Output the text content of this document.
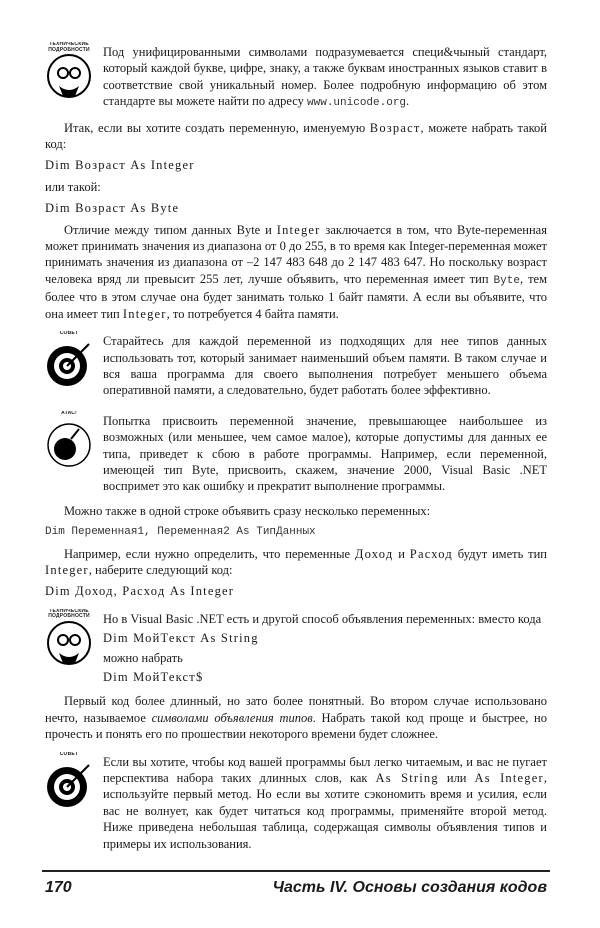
ТЕХНИЧЕСКИЕ ПОДРОБНОСТИ Под унифицированными символами подразумевается специ&чыный стандарт, который каждой букве, цифре, знаку, а также буквам иностранных языков ставит в соответствие свой уникальный номер. Более подробную информацию об этом стандарте вы можете найти по адресу www.unicode.org.
Итак, если вы хотите создать переменную, именуемую Возраст, можете набрать такой код:
Dim Возраст As Integer
или такой:
Dim Возраст As Byte
Отличие между типом данных Byte и Integer заключается в том, что Byte-переменная может принимать значения из диапазона от 0 до 255, в то время как Integer-переменная может принимать значения из диапазона от –2 147 483 648 до 2 147 483 647. Но поскольку возраст человека вряд ли превысит 255 лет, лучше объявить, что переменная имеет тип Byte, тем более что в этом случае она будет занимать только 1 байт памяти. А если вы объявите, что она имеет тип Integer, то потребуется 4 байта памяти.
СОВЕТ
Старайтесь для каждой переменной из подходящих для нее типов данных использовать тот, который занимает наименьший объем памяти. В таком случае и вся ваша программа для своего выполнения потребует меньшего объема оперативной памяти, а следовательно, будет работать более эффективно.
АТАС!
Попытка присвоить переменной значение, превышающее наибольшее из возможных (или меньшее, чем самое малое), которые допустимы для данных ее типа, приведет к сбою в работе программы. Например, если переменной, имеющей тип Byte, присвоить, скажем, значение 2000, Visual Basic .NET воспримет это как ошибку и прекратит выполнение программы.
Можно также в одной строке объявить сразу несколько переменных:
Dim Переменная1, Переменная2 As ТипДанных
Например, если нужно определить, что переменные Доход и Расход будут иметь тип Integer, наберите следующий код:
Dim Доход, Расход As Integer
ТЕХНИЧЕСКИЕ ПОДРОБНОСТИ Но в Visual Basic .NET есть и другой способ объявления переменных: вместо кода
Dim МойТекст As String
можно набрать
Dim МойТекст$
Первый код более длинный, но зато более понятный. Во втором случае использовано нечто, называемое символами объявления типов. Набрать такой код проще и быстрее, но прочесть и понять его по прошествии некоторого времени будет сложнее.
СОВЕТ
Если вы хотите, чтобы код вашей программы был легко читаемым, и вас не пугает перспектива набора таких длинных слов, как As String или As Integer, используйте первый метод. Но если вы хотите сэкономить время и усилия, если вас не волнует, как будет читаться код программы, применяйте второй метод. Ниже приведена небольшая таблица, содержащая символы объявления типов и примеры их использования.
170	Часть IV. Основы создания кодов
